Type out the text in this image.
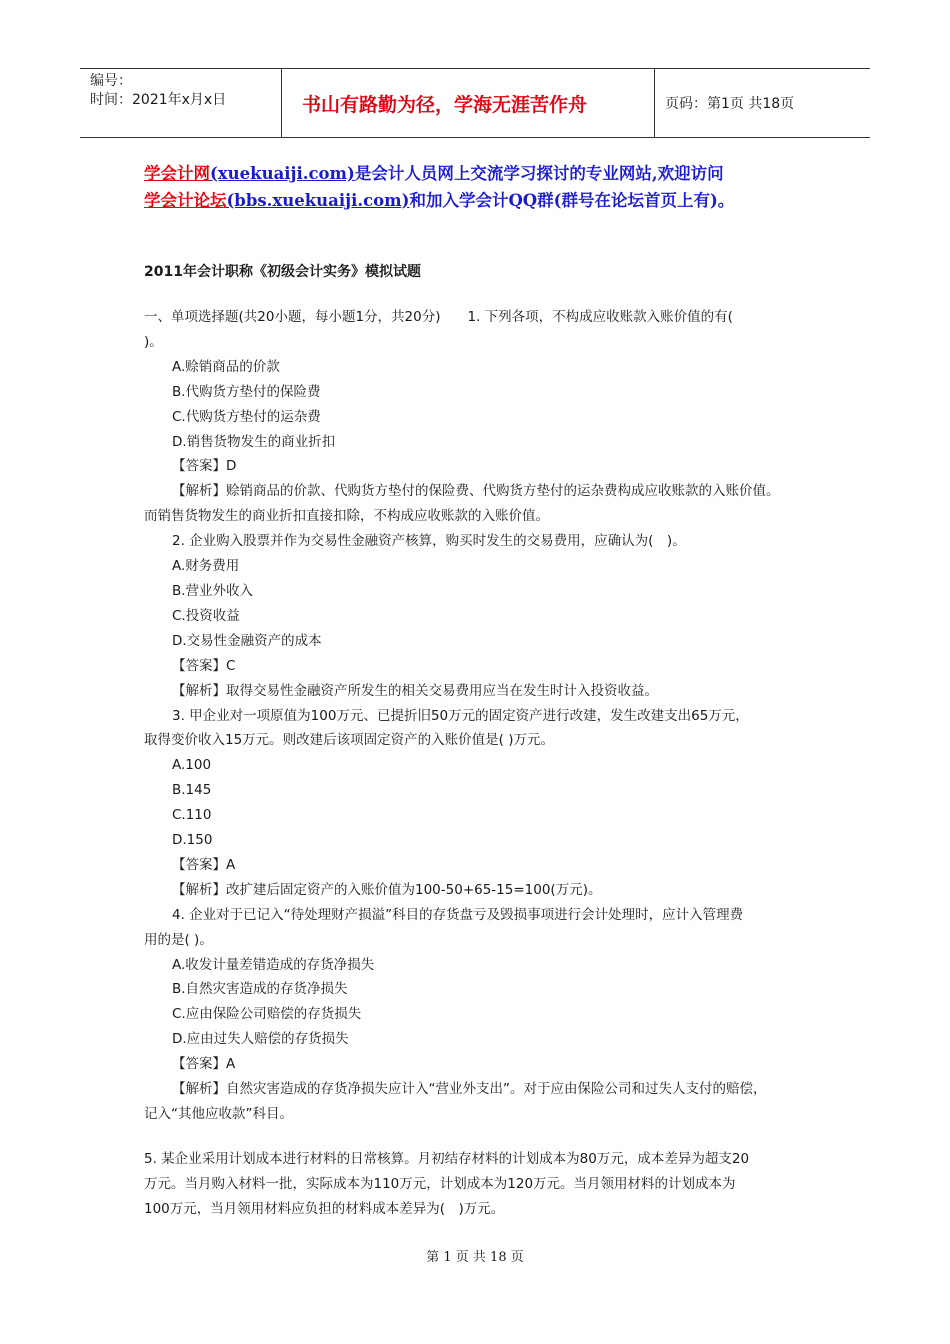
编号：
时间：2021年x月x日	书山有路勤为径，学海无涯苦作舟	页码：第1页 共18页
学会计网(xuekuaiji.com)是会计人员网上交流学习探讨的专业网站,欢迎访问
学会计论坛(bbs.xuekuaiji.com)和加入学会计QQ群(群号在论坛首页上有)。
2011年会计职称《初级会计实务》模拟试题

一、单项选择题(共20小题，每小题1分，共20分)　　1. 下列各项，不构成应收账款入账价值的有(

)。

A.赊销商品的价款

B.代购货方垫付的保险费

C.代购货方垫付的运杂费

D.销售货物发生的商业折扣

【答案】D

【解析】赊销商品的价款、代购货方垫付的保险费、代购货方垫付的运杂费构成应收账款的入账价值。

而销售货物发生的商业折扣直接扣除，不构成应收账款的入账价值。

2. 企业购入股票并作为交易性金融资产核算，购买时发生的交易费用，应确认为(　)。

A.财务费用

B.营业外收入

C.投资收益

D.交易性金融资产的成本

【答案】C

【解析】取得交易性金融资产所发生的相关交易费用应当在发生时计入投资收益。

3. 甲企业对一项原值为100万元、已提折旧50万元的固定资产进行改建，发生改建支出65万元，

取得变价收入15万元。则改建后该项固定资产的入账价值是( )万元。

A.100

B.145

C.110

D.150

【答案】A

【解析】改扩建后固定资产的入账价值为100-50+65-15=100(万元)。

4. 企业对于已记入“待处理财产损溢”科目的存货盘亏及毁损事项进行会计处理时，应计入管理费

用的是( )。

A.收发计量差错造成的存货净损失

B.自然灾害造成的存货净损失

C.应由保险公司赔偿的存货损失

D.应由过失人赔偿的存货损失

【答案】A

【解析】自然灾害造成的存货净损失应计入“营业外支出”。对于应由保险公司和过失人支付的赔偿，

记入“其他应收款”科目。

5. 某企业采用计划成本进行材料的日常核算。月初结存材料的计划成本为80万元，成本差异为超支20

万元。当月购入材料一批，实际成本为110万元，计划成本为120万元。当月领用材料的计划成本为

100万元，当月领用材料应负担的材料成本差异为(　)万元。

第 1 页 共 18 页
